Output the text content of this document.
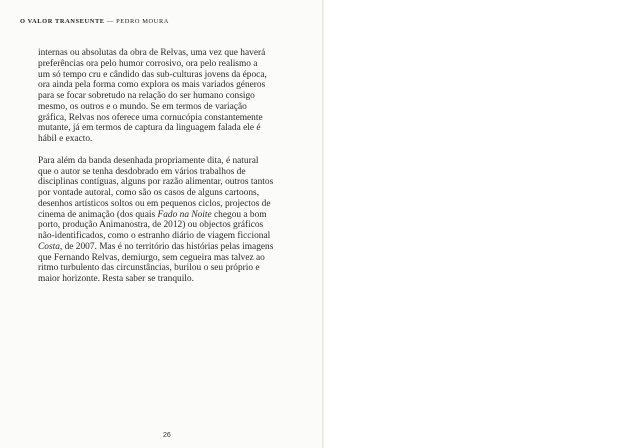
O VALOR TRANSEUNTE — PEDRO MOURA
internas ou absolutas da obra de Relvas, uma vez que haverá
preferências ora pelo humor corrosivo, ora pelo realismo a
um só tempo cru e cândido das sub-culturas jovens da época,
ora ainda pela forma como explora os mais variados géneros
para se focar sobretudo na relação do ser humano consigo
mesmo, os outros e o mundo. Se em termos de variação
gráfica, Relvas nos oferece uma cornucópia constantemente
mutante, já em termos de captura da linguagem falada ele é
hábil e exacto.
Para além da banda desenhada propriamente dita, é natural
que o autor se tenha desdobrado em vários trabalhos de
disciplinas contíguas, alguns por razão alimentar, outros tantos
por vontade autoral, como são os casos de alguns cartoons,
desenhos artísticos soltos ou em pequenos ciclos, projectos de
cinema de animação (dos quais Fado na Noite chegou a bom
porto, produção Animanostra, de 2012) ou objectos gráficos
não-identificados, como o estranho diário de viagem ficcional
Costa, de 2007. Mas é no território das histórias pelas imagens
que Fernando Relvas, demiurgo, sem cegueira mas talvez ao
ritmo turbulento das circunstâncias, burilou o seu próprio e
maior horizonte. Resta saber se tranquilo.
26
